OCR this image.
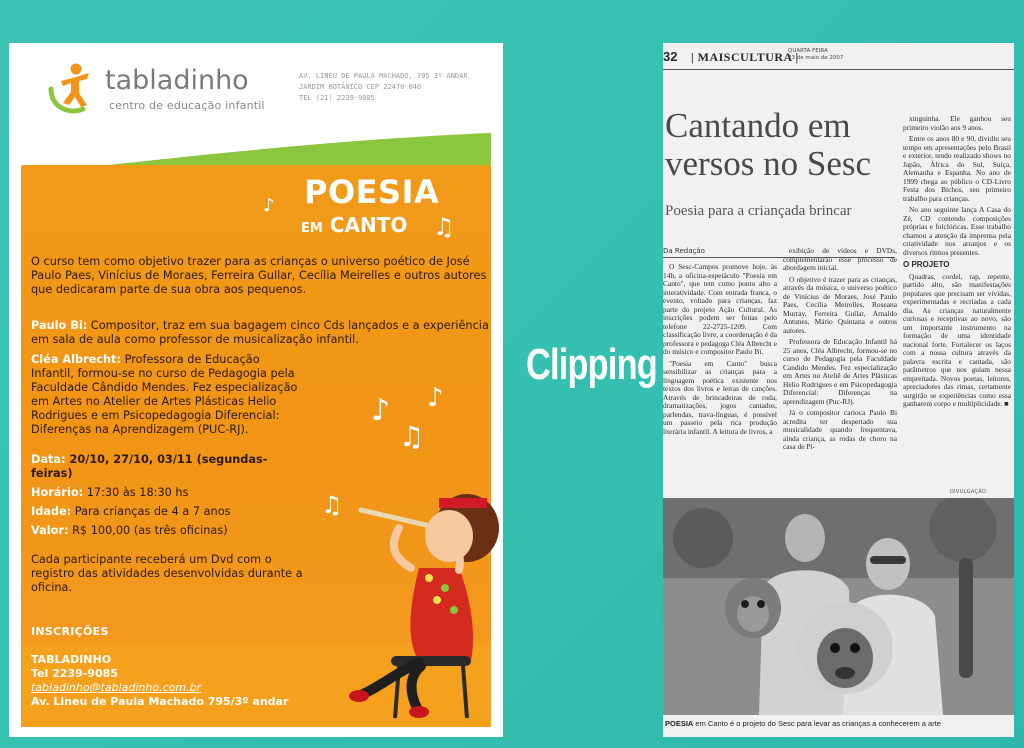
tabladinho
centro de educação infantil
AV. LINEU DE PAULA MACHADO, 795 3º ANDAR
JARDIM BOTÂNICO CEP 22470-040
TEL (21) 2239-9085
POESIA
EM CANTO
♪
♫
O curso tem como objetivo trazer para as crianças o universo poético de José Paulo Paes, Vinícius de Moraes, Ferreira Gullar, Cecília Meirelles e outros autores que dedicaram parte de sua obra aos pequenos.
Paulo Bi: Compositor, traz em sua bagagem cinco Cds lançados e a experiência em sala de aula como professor de musicalização infantil.
Cléa Albrecht: Professora de Educação Infantil, formou-se no curso de Pedagogia pela Faculdade Cândido Mendes. Fez especialização em Artes no Atelier de Artes Plásticas Helio Rodrigues e em Psicopedagogia Diferencial: Diferenças na Aprendizagem (PUC-RJ).
Data: 20/10, 27/10, 03/11 (segundas-feiras)
Horário: 17:30 às 18:30 hs
Idade: Para crianças de 4 a 7 anos
Valor: R$ 100,00 (as três oficinas)
Cada participante receberá um Dvd com o registro das atividades desenvolvidas durante a oficina.
INSCRIÇÕES
TABLADINHO
Tel 2239-9085
tabladinho@tabladinho.com.br
Av. Lineu de Paula Machado 795/3º andar
♪ ♪
♫
♫
Clipping
32 | MAISCULTURA |
QUARTA-FEIRA
23 de maio de 2007
Cantando em versos no Sesc
Poesia para a criançada brincar
Da Redação

O Sesc-Campos promove hoje, às 14h, a oficina-espetáculo "Poesia em Canto", que tem como ponto alto a interatividade. Com entrada franca, o evento, voltado para crianças, faz parte do projeto Ação Cultural. As inscrições podem ser feitas pelo telefone 22-2725-1209. Com classificação livre, a coordenação é da professora e pedagoga Cléa Albrecht e do músico e compositor Paulo Bi.

"Poesia em Canto" busca sensibilizar as crianças para a linguagem poética existente nos textos dos livros e letras de canções. Através de brincadeiras de roda, dramatizações, jogos cantados, parlendas, trava-línguas, é possível um passeio pela rica produção literária infantil. A leitura de livros, a

exibição de vídeos e DVDs, complementarão esse processo de abordagem inicial.

O objetivo é trazer para as crianças, através da música, o universo poético de Vinícius de Moraes, José Paulo Paes, Cecília Meirelles, Roseana Murray, Ferreira Gullar, Arnaldo Antunes, Mário Quintana e outros autores.

Professora de Educação Infantil há 25 anos, Cléa Albrecht, formou-se no curso de Pedagogia pela Faculdade Candido Mendes. Fez especialização em Artes no Ateliê de Artes Plásticas Helio Rodrigues e em Psicopedagogia Diferencial: Diferenças na aprendizagem (Puc-RJ).

Já o compositor carioca Paulo Bi acredita ter despertado sua musicalidade quando frequentava, ainda criança, as rodas de choro na casa de Pi-

xinguinha. Ele ganhou seu primeiro violão aos 9 anos.

Entre os anos 80 e 90, dividiu seu tempo em apresentações pelo Brasil e exterior, tendo realizado shows no Japão, África do Sul, Suíça, Alemanha e Espanha. No ano de 1999 chega ao público o CD-Livro Festa dos Bichos, seu primeiro trabalho para crianças.

No ano seguinte lança A Casa do Zé, CD contendo composições próprias e folclóricas. Esse trabalho chamou a atenção da imprensa pela criatividade nos arranjos e os diversos ritmos presentes.

O PROJETO

Quadras, cordel, rap, repente, partido alto, são manifestações populares que precisam ser vividas, experimentadas e recriadas a cada dia. As crianças naturalmente curiosas e receptivas ao novo, são um importante instrumento na formação de uma identidade nacional forte. Fortalecer os laços com a nossa cultura através da palavra escrita e cantada, são parâmetros que nos guiam nessa empreitada. Novos poetas, leitores, apreciadores das rimas, certamente surgirão se experiências como essa ganharem corpo e multiplicidade. ■

DIVULGAÇÃO
POESIA em Canto é o projeto do Sesc para levar as crianças a conhecerem a arte
